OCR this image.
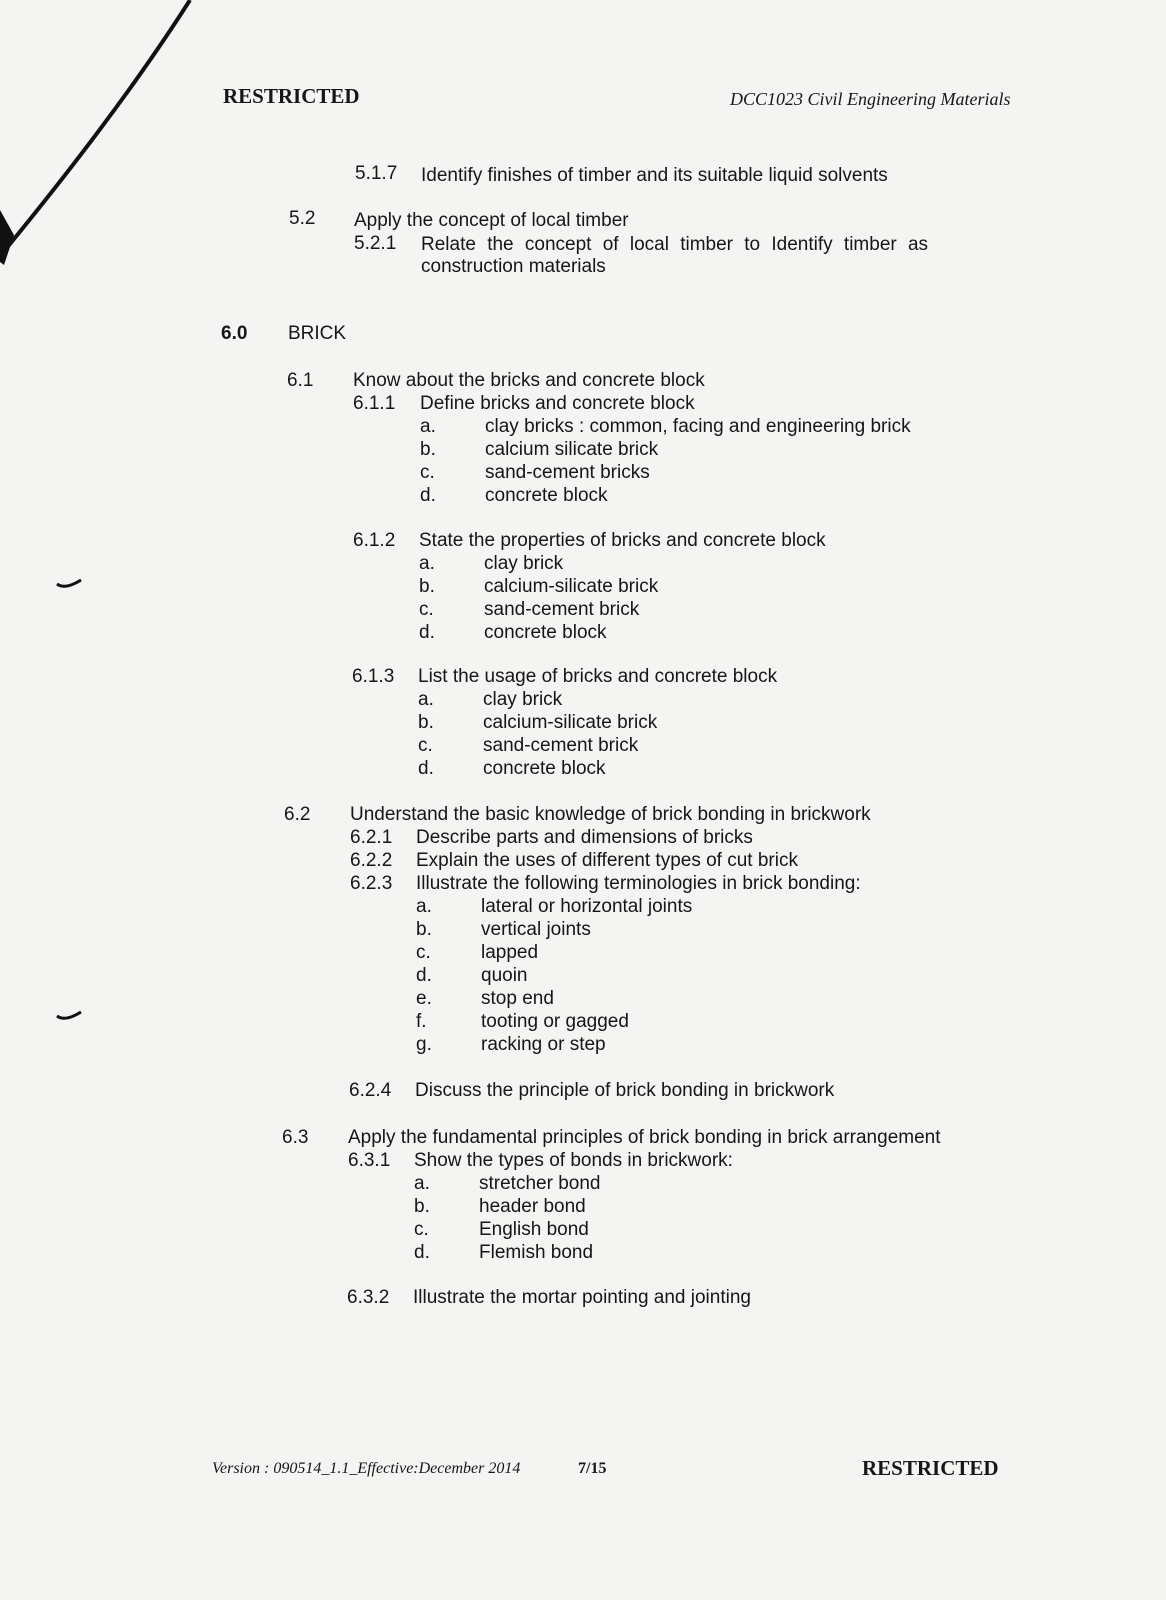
RESTRICTED	DCC1023 Civil Engineering Materials
5.1.7 Identify finishes of timber and its suitable liquid solvents
5.2 Apply the concept of local timber
5.2.1 Relate the concept of local timber to Identify timber as
construction materials
6.0 BRICK
6.1 Know about the bricks and concrete block
6.1.1 Define bricks and concrete block
a.	clay bricks : common, facing and engineering brick
b.	calcium silicate brick
c.	sand-cement bricks
d.	concrete block
6.1.2 State the properties of bricks and concrete block
a.	clay brick
b.	calcium-silicate brick
c.	sand-cement brick
d.	concrete block
6.1.3 List the usage of bricks and concrete block
a.	clay brick
b.	calcium-silicate brick
c.	sand-cement brick
d.	concrete block
6.2 Understand the basic knowledge of brick bonding in brickwork
6.2.1 Describe parts and dimensions of bricks
6.2.2 Explain the uses of different types of cut brick
6.2.3 Illustrate the following terminologies in brick bonding:
a.	lateral or horizontal joints
b.	vertical joints
c.	lapped
d.	quoin
e.	stop end
f.	tooting or gagged
g.	racking or step
6.2.4 Discuss the principle of brick bonding in brickwork
6.3 Apply the fundamental principles of brick bonding in brick arrangement
6.3.1 Show the types of bonds in brickwork:
a.	stretcher bond
b.	header bond
c.	English bond
d.	Flemish bond
6.3.2 Illustrate the mortar pointing and jointing
Version : 090514_1.1_Effective:December 2014	7/15	RESTRICTED
